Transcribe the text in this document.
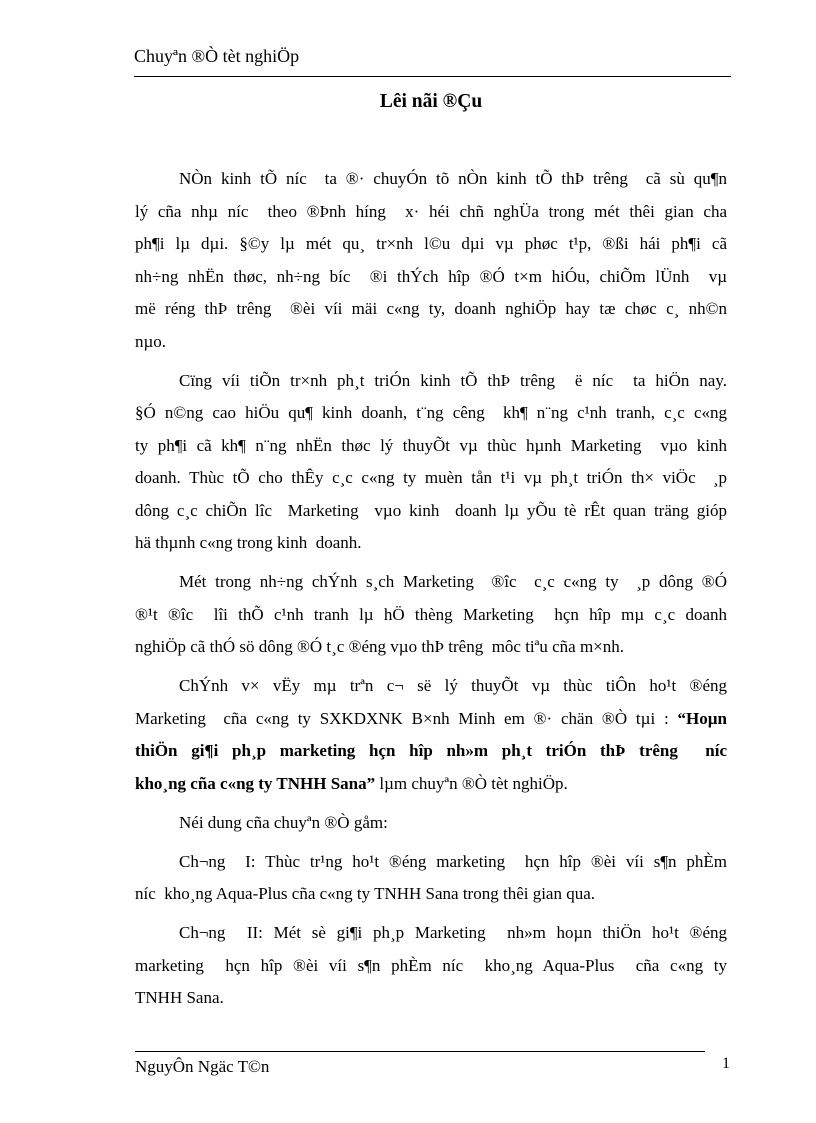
Chuyªn ®Ò tèt nghiÖp
Lêi nãi ®Çu
NÒn kinh tÕ níc  ta ®· chuyÓn tõ nÒn kinh tÕ thÞ trêng  cã sù qu¶n
lý cña nhµ níc  theo ®Þnh híng  x· héi chñ nghÜa trong mét thêi gian cha
ph¶i lµ dµi. §©y lµ mét qu¸ tr×nh l©u dµi vµ phøc t¹p, ®ßi hái ph¶i cã
nh÷ng nhËn thøc, nh÷ng bíc  ®i thÝch hîp ®Ó t×m hiÓu, chiÕm lÜnh  vµ
më réng thÞ trêng  ®èi víi mäi c«ng ty, doanh nghiÖp hay tæ chøc c¸ nh©n
nµo.
Cïng víi tiÕn tr×nh ph¸t triÓn kinh tÕ thÞ trêng  ë níc  ta hiÖn nay.
§Ó n©ng cao hiÖu qu¶ kinh doanh, t¨ng cêng  kh¶ n¨ng c¹nh tranh, c¸c c«ng
ty ph¶i cã kh¶ n¨ng nhËn thøc lý thuyÕt vµ thùc hµnh Marketing  vµo kinh
doanh. Thùc tÕ cho thÊy c¸c c«ng ty muèn tån t¹i vµ ph¸t triÓn th× viÖc  ¸p
dông c¸c chiÕn lîc  Marketing  vµo kinh  doanh lµ yÕu tè rÊt quan träng gióp
hä thµnh c«ng trong kinh  doanh.
Mét trong nh÷ng chÝnh s¸ch Marketing  ®îc  c¸c c«ng ty  ¸p dông ®Ó
®¹t ®îc  lîi thÕ c¹nh tranh lµ hÖ thèng Marketing  hçn hîp mµ c¸c doanh
nghiÖp cã thÓ sö dông ®Ó t¸c ®éng vµo thÞ trêng  môc tiªu cña m×nh.
ChÝnh v× vËy mµ trªn c¬ së lý thuyÕt vµ thùc tiÔn ho¹t ®éng
Marketing  cña c«ng ty SXKDXNK B×nh Minh em ®· chän ®Ò tµi : “Hoµn
thiÖn gi¶i ph¸p marketing hçn hîp nh»m ph¸t triÓn thÞ trêng  níc
kho¸ng cña c«ng ty TNHH Sana” lµm chuyªn ®Ò tèt nghiÖp.
Néi dung cña chuyªn ®Ò gåm:
Ch¬ng  I: Thùc tr¹ng ho¹t ®éng marketing  hçn hîp ®èi víi s¶n phÈm
níc  kho¸ng Aqua-Plus cña c«ng ty TNHH Sana trong thêi gian qua.
Ch¬ng  II: Mét sè gi¶i ph¸p Marketing  nh»m hoµn thiÖn ho¹t ®éng
marketing  hçn hîp ®èi víi s¶n phÈm níc  kho¸ng Aqua-Plus  cña c«ng ty
TNHH Sana.
NguyÔn Ngäc T©n	1
